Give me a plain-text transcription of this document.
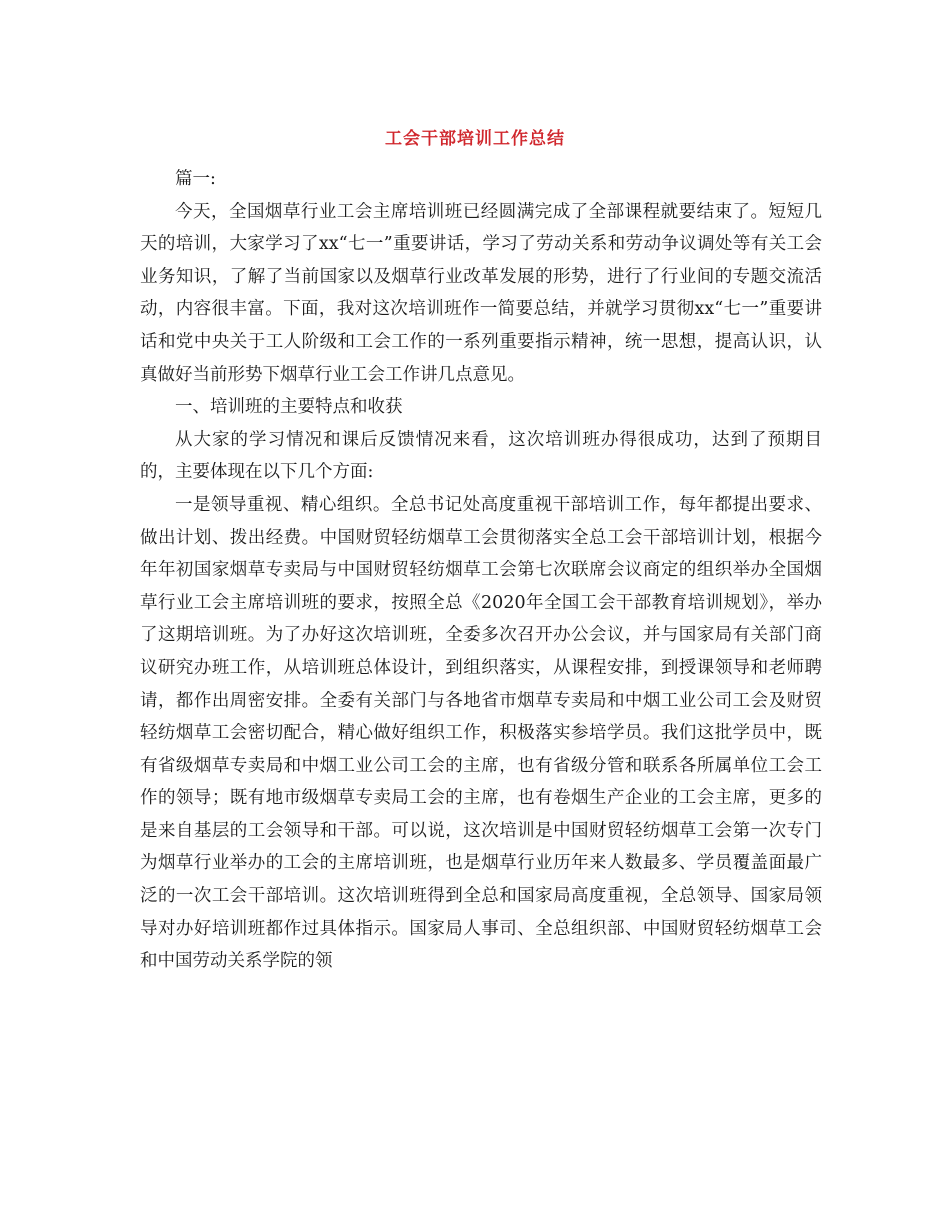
工会干部培训工作总结

篇一:

今天，全国烟草行业工会主席培训班已经圆满完成了全部课程就要结束了。短短几天的培训，大家学习了xx“七一”重要讲话，学习了劳动关系和劳动争议调处等有关工会业务知识，了解了当前国家以及烟草行业改革发展的形势，进行了行业间的专题交流活动，内容很丰富。下面，我对这次培训班作一简要总结，并就学习贯彻xx“七一”重要讲话和党中央关于工人阶级和工会工作的一系列重要指示精神，统一思想，提高认识，认真做好当前形势下烟草行业工会工作讲几点意见。

一、培训班的主要特点和收获

从大家的学习情况和课后反馈情况来看，这次培训班办得很成功，达到了预期目的，主要体现在以下几个方面:

一是领导重视、精心组织。全总书记处高度重视干部培训工作，每年都提出要求、做出计划、拨出经费。中国财贸轻纺烟草工会贯彻落实全总工会干部培训计划，根据今年年初国家烟草专卖局与中国财贸轻纺烟草工会第七次联席会议商定的组织举办全国烟草行业工会主席培训班的要求，按照全总《2020年全国工会干部教育培训规划》，举办了这期培训班。为了办好这次培训班，全委多次召开办公会议，并与国家局有关部门商议研究办班工作，从培训班总体设计，到组织落实，从课程安排，到授课领导和老师聘请，都作出周密安排。全委有关部门与各地省市烟草专卖局和中烟工业公司工会及财贸轻纺烟草工会密切配合，精心做好组织工作，积极落实参培学员。我们这批学员中，既有省级烟草专卖局和中烟工业公司工会的主席，也有省级分管和联系各所属单位工会工作的领导；既有地市级烟草专卖局工会的主席，也有卷烟生产企业的工会主席，更多的是来自基层的工会领导和干部。可以说，这次培训是中国财贸轻纺烟草工会第一次专门为烟草行业举办的工会的主席培训班，也是烟草行业历年来人数最多、学员覆盖面最广泛的一次工会干部培训。这次培训班得到全总和国家局高度重视，全总领导、国家局领导对办好培训班都作过具体指示。国家局人事司、全总组织部、中国财贸轻纺烟草工会和中国劳动关系学院的领
